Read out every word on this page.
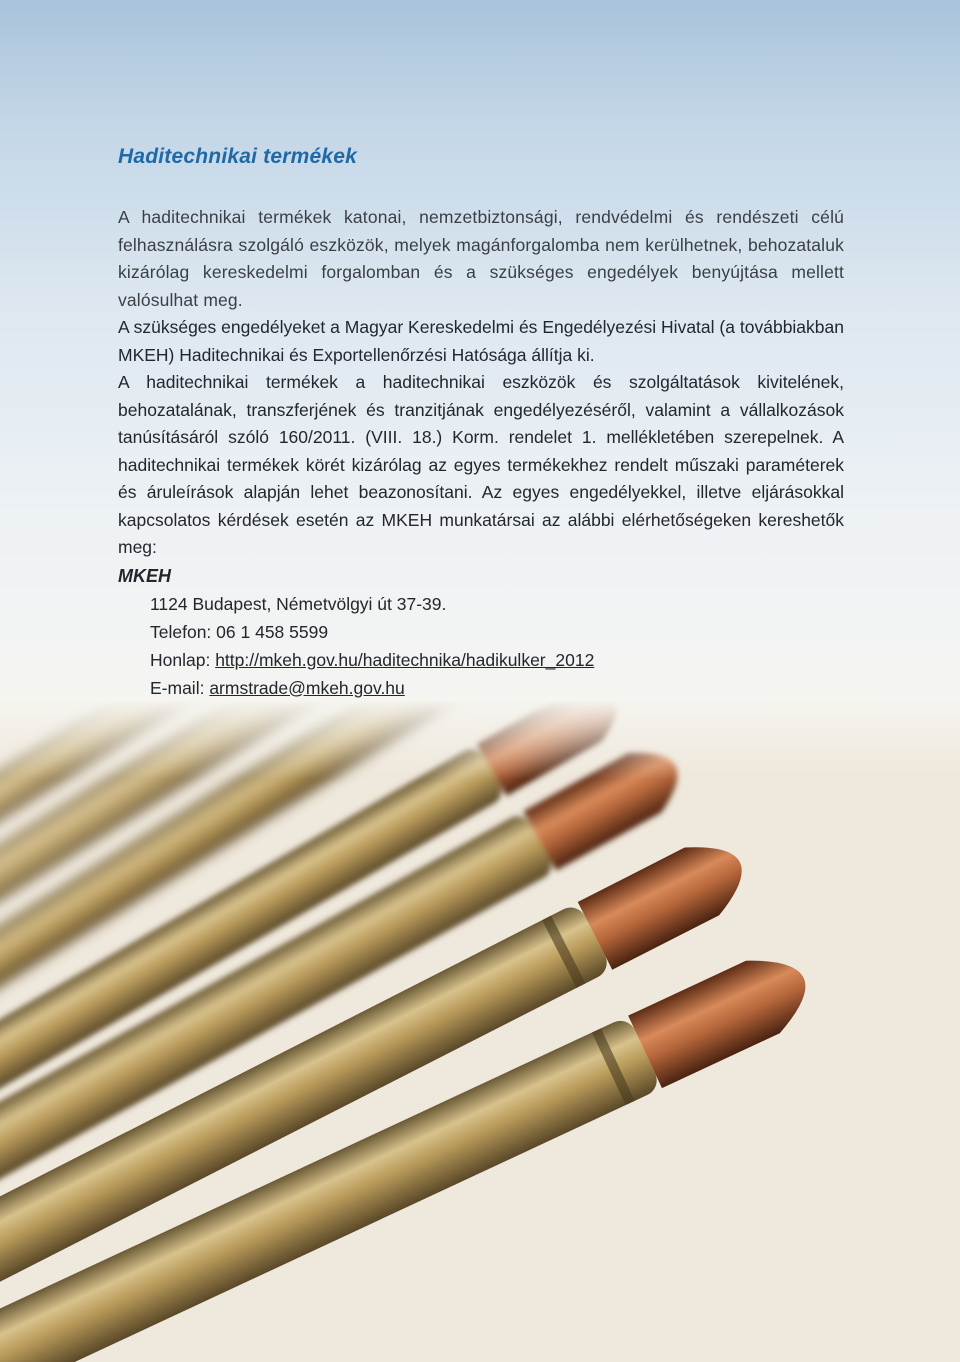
Haditechnikai termékek

A haditechnikai termékek katonai, nemzetbiztonsági, rendvédelmi és rendészeti célú felhasználásra szolgáló eszközök, melyek magánforgalomba nem kerülhetnek, behozataluk kizárólag kereskedelmi forgalomban és a szükséges engedélyek benyújtása mellett valósulhat meg.

A szükséges engedélyeket a Magyar Kereskedelmi és Engedélyezési Hivatal (a továbbiakban MKEH) Haditechnikai és Exportellenőrzési Hatósága állítja ki.

A haditechnikai termékek a haditechnikai eszközök és szolgáltatások kivitelének, behozatalának, transzferjének és tranzitjának engedélyezéséről, valamint a vállalkozások tanúsításáról szóló 160/2011. (VIII. 18.) Korm. rendelet 1. mellékletében szerepelnek. A haditechnikai termékek körét kizárólag az egyes termékekhez rendelt műszaki paraméterek és áruleírások alapján lehet beazonosítani. Az egyes engedélyekkel, illetve eljárásokkal kapcsolatos kérdések esetén az MKEH munkatársai az alábbi elérhetőségeken kereshetők meg:

MKEH

1124 Budapest, Németvölgyi út 37-39.
Telefon: 06 1 458 5599
Honlap: http://mkeh.gov.hu/haditechnika/hadikulker_2012
E-mail: armstrade@mkeh.gov.hu
